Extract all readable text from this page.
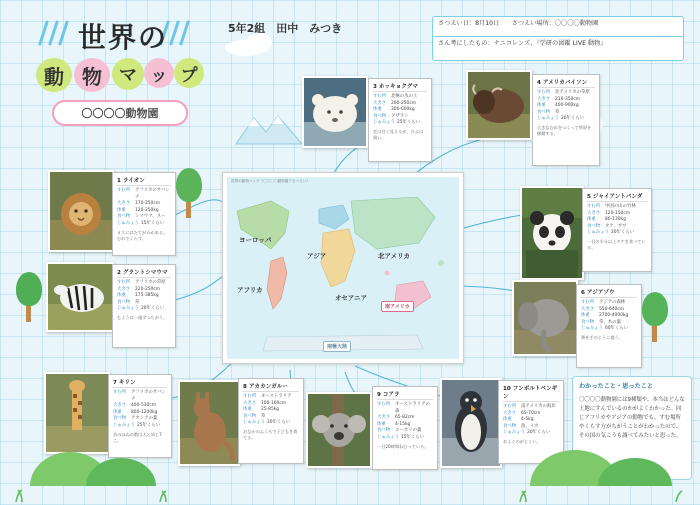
世界の
動 物 マ ッ プ
〇〇〇〇動物園
5年2組　田中　みつき	さつえい日：8月10日　　さつえい場所：〇〇〇〇動物園
さん考にしたもの：ナニコレンズ、『学研の図鑑 LIVE 動物』
世界の動物マップ（〇〇〇〇動物園でさつえい）
ヨーロッパ
アジア	北アメリカ
アフリカ
オセアニア
南アメリカ
南極大陸
1 ライオン
すむ所	アフリカのサバンナ
大きさ	170-250cm
体重	120-250kg
食べ物	シマウマ、ヌー
じゅみょう 15年くらい
オスにはたてがみがある。むれでくらす。
2 グラントシマウマ
すむ所	アフリカの草原
大きさ	220-250cm
体重	175-385kg
食べ物	草
じゅみょう 20年くらい
もようは一頭ずつちがう。
7 キリン
すむ所	アフリカのサバンナ
大きさ	400-530cm
体重	800-1200kg
食べ物	アカシアの葉
じゅみょう 25年くらい
首のほねの数は人と同じ7こ。
3 ホッキョクグマ
すむ所	北極の氷の上
大きさ	200-250cm
体重	300-600kg
食べ物	アザラシ
じゅみょう 25年くらい
毛は白く見えるが、ひふは黒い。
4 アメリカバイソン
すむ所	北アメリカの草原
大きさ	210-350cm
体重	400-900kg
食べ物	草
じゅみょう 20年くらい
大きなむれをつくって草原を移動する。
5 ジャイアントパンダ
すむ所	中国の山の竹林
大きさ	120-150cm
体重	80-130kg
食べ物	タケ、ササ
じゅみょう 20年くらい
一日の半分以上タケを食べている。
6 アジアゾウ
すむ所	アジアの森林
大きさ	550-640cm
体重	2700-4000kg
食べ物	草、木の葉
じゅみょう 60年くらい
鼻を手のように使う。
8 アカカンガルー
すむ所	オーストラリア
大きさ	100-160cm
体重	25-85kg
食べ物	草
じゅみょう 20年くらい
おなかのふくろで子どもを育てる。
9 コアラ
すむ所	オーストラリアの森
大きさ	65-82cm
体重	4-15kg
食べ物	ユーカリの葉
じゅみょう 15年くらい
一日20時間ねむっている。
10 フンボルトペンギン
すむ所	南アメリカの海岸
大きさ	65-70cm
体重	4-5kg
食べ物	魚、イカ
じゅみょう 20年くらい
およぐのがとくい。
わかったこと・思ったこと
〇〇〇〇動物園には9種類や、本当はどんな土地にすんでいるのかがよくわかった。同じアフリカやアジアの動物でも、すむ場所やくらす方がちがうことがわかったので、その国の気こうも調べてみたいと思った。
